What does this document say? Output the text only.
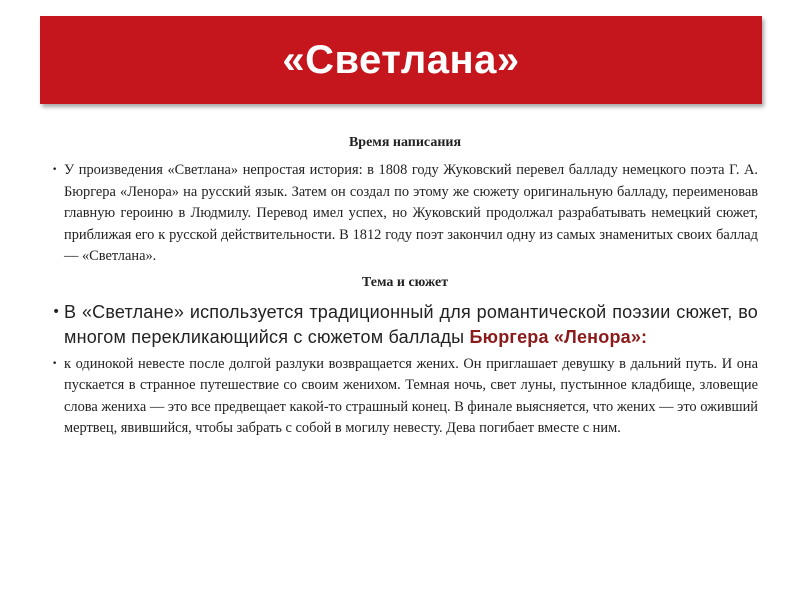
«Светлана»

Время написания

• У произведения «Светлана» непростая история: в 1808 году Жуковский перевел балладу немецкого поэта Г. А. Бюргера «Ленора» на русский язык. Затем он создал по этому же сюжету оригинальную балладу, переименовав главную героиню в Людмилу. Перевод имел успех, но Жуковский продолжал разрабатывать немецкий сюжет, приближая его к русской действительности. В 1812 году поэт закончил одну из самых знаменитых своих баллад — «Светлана».

Тема и сюжет

• В «Светлане» используется традиционный для романтической поэзии сюжет, во многом перекликающийся с сюжетом баллады Бюргера «Ленора»:
• к одинокой невесте после долгой разлуки возвращается жених. Он приглашает девушку в дальний путь. И она пускается в странное путешествие со своим женихом. Темная ночь, свет луны, пустынное кладбище, зловещие слова жениха — это все предвещает какой-то страшный конец. В финале выясняется, что жених — это оживший мертвец, явившийся, чтобы забрать с собой в могилу невесту. Дева погибает вместе с ним.
